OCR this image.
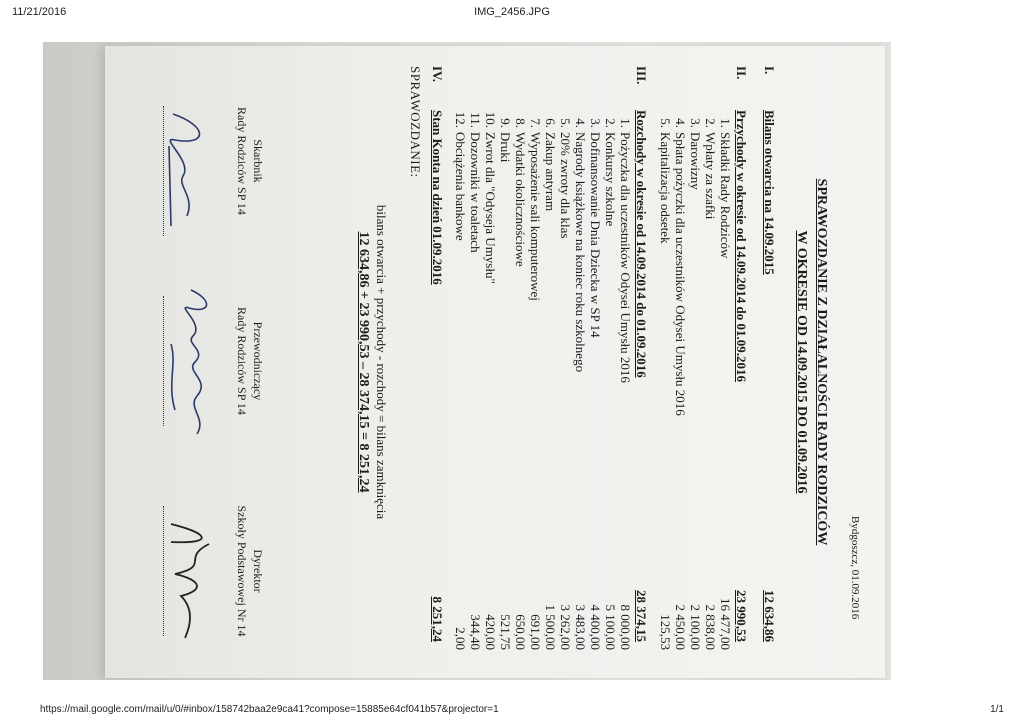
11/21/2016	IMG_2456.JPG
Bydgoszcz, 01.09.2016
SPRAWOZDANIE Z DZIAŁALNOŚCI RADY RODZICÓW
W OKRESIE OD 14.09.2015 DO 01.09.2016
SPRAWOZDANIE:
bilans otwarcia + przychody - rozchody = bilans zamknięcia
12 634,86 + 23 990,53 – 28 374,15 = 8 251,24
Skarbnik
Rady Rodziców SP 14
Przewodniczący
Rady Rodziców SP 14
Dyrektor
Szkoły Podstawowej Nr 14
I.
Bilans otwarcia na 14.09.2015
12 634,86
II.
Przychody w okresie od 14.09.2014 do 01.09.2016
23 990,53
1.
Składki Rady Rodziców
16 477,00
2.
Wpłaty za szafki
2 838,00
3.
Darowizny
2 100,00
4.
Spłata pożyczki dla uczestników Odysei Umysłu 2016
2 450,00
5.
Kapitalizacja odsetek
125,53
III.
Rozchody w okresie od 14.09.2014 do 01.09.2016
28 374,15
1.
Pożyczka dla uczestników Odysei Umysłu 2016
8 000,00
2.
Konkursy szkolne
5 100,00
3.
Dofinansowanie Dnia Dziecka w SP 14
4 400,00
4.
Nagrody książkowe na koniec roku szkolnego
3 483,00
5.
20% zwroty dla klas
3 262,00
6.
Zakup antyram
1 500,00
7.
Wyposażenie sali komputerowej
691,00
8.
Wydatki okolicznościowe
650,00
9.
Druki
521,75
10.
Zwrot dla "Odyseja Umysłu"
420,00
11.
Dozowniki w toaletach
344,40
12.
Obciążenia bankowe
2,00
IV.
Stan Konta na dzień 01.09.2016
8 251,24
https://mail.google.com/mail/u/0/#inbox/158742baa2e9ca41?compose=15885e64cf041b57&projector=1	1/1
